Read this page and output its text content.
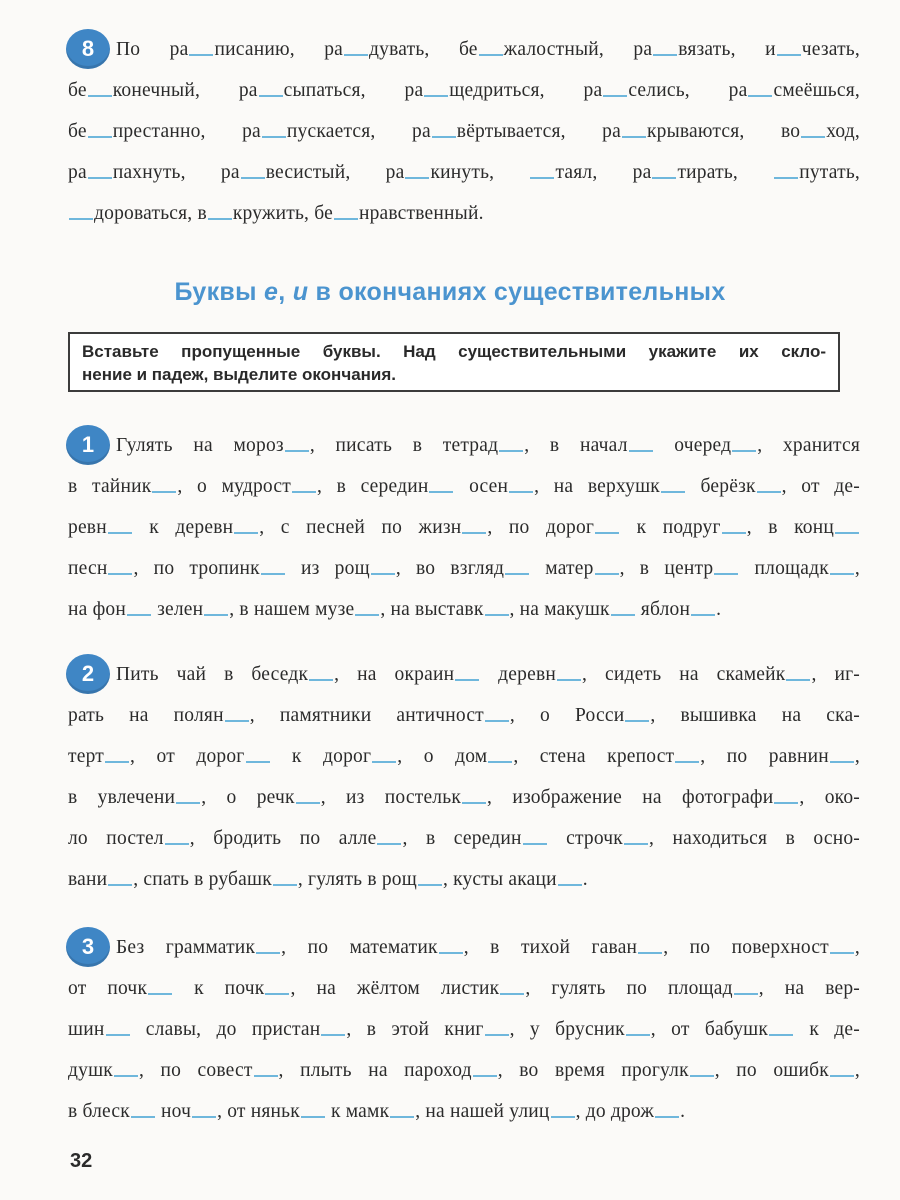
8	По ра писанию, ра дувать, бе жалостный, ра вязать, и чезать,
бе конечный, ра сыпаться, ра щедриться, ра селись, ра смеёшься,
бе престанно, ра пускается, ра вёртывается, ра крываются, во ход,
ра пахнуть, ра весистый, ра кинуть, таял, ра тирать, путать,
дороваться, в кружить, бе нравственный.
Буквы е, и в окончаниях существительных
Вставьте пропущенные буквы. Над существительными укажите их скло-
нение и падеж, выделите окончания.
1	Гулять на мороз , писать в тетрад , в начал очеред , хранится
в тайник , о мудрост , в середин осен , на верхушк берёзк , от де-
ревн к деревн , с песней по жизн , по дорог к подруг , в конц
песн , по тропинк из рощ , во взгляд матер , в центр площадк ,
на фон зелен , в нашем музе , на выставк , на макушк яблон .
2	Пить чай в беседк , на окраин деревн , сидеть на скамейк , иг-
рать на полян , памятники античност , о Росси , вышивка на ска-
терт , от дорог к дорог , о дом , стена крепост , по равнин ,
в увлечени , о речк , из постельк , изображение на фотографи , око-
ло постел , бродить по алле , в середин строчк , находиться в осно-
вани , спать в рубашк , гулять в рощ , кусты акаци .
3	Без грамматик , по математик , в тихой гаван , по поверхност ,
от почк к почк , на жёлтом листик , гулять по площад , на вер-
шин славы, до пристан , в этой книг , у брусник , от бабушк к де-
душк , по совест , плыть на пароход , во время прогулк , по ошибк ,
в блеск ноч , от няньк к мамк , на нашей улиц , до дрож .
32
